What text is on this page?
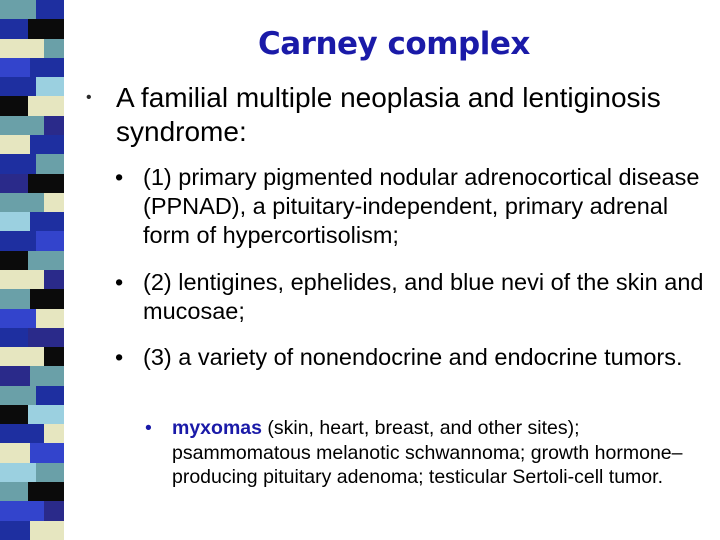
Carney complex
• A familial multiple neoplasia and lentiginosis syndrome:
• (1) primary pigmented nodular adrenocortical disease (PPNAD), a pituitary-independent, primary adrenal form of hypercortisolism;
• (2) lentigines, ephelides, and blue nevi of the skin and mucosae;
• (3) a variety of nonendocrine and endocrine tumors.
• myxomas (skin, heart, breast, and other sites); psammomatous melanotic schwannoma; growth hormone–producing pituitary adenoma; testicular Sertoli-cell tumor.
